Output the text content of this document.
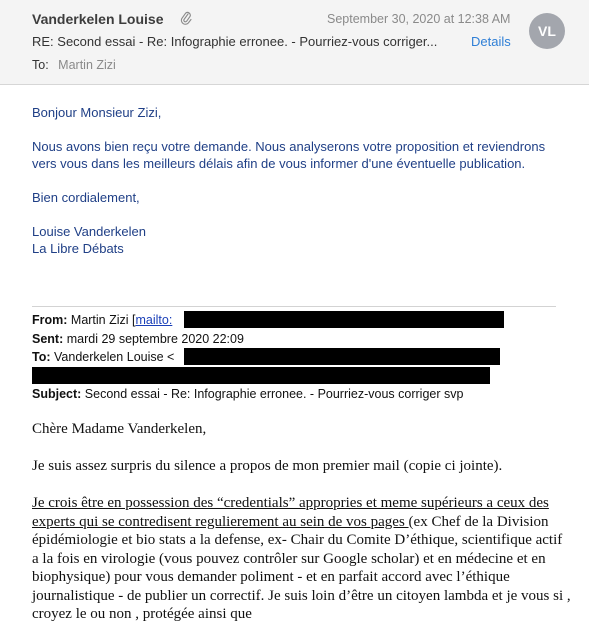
Vanderkelen Louise	September 30, 2020 at 12:38 AM
VL
RE: Second essai - Re: Infographie erronee. - Pourriez-vous corriger...	Details
To: Martin Zizi

Bonjour Monsieur Zizi,

Nous avons bien reçu votre demande. Nous analyserons votre proposition et reviendrons vers vous dans les meilleurs délais afin de vous informer d'une éventuelle publication.

Bien cordialement,

Louise Vanderkelen

La Libre Débats

From: Martin Zizi [mailto:
Sent: mardi 29 septembre 2020 22:09
To: Vanderkelen Louise <
Subject: Second essai - Re: Infographie erronee. - Pourriez-vous corriger svp

Chère Madame Vanderkelen,

Je suis assez surpris du silence a propos de mon premier mail (copie ci jointe).

Je crois être en possession des “credentials” appropries et meme supérieurs a ceux des experts qui se contredisent regulierement au sein de vos pages (ex Chef de la Division épidémiologie et bio stats a la defense, ex- Chair du Comite D’éthique, scientifique actif a la fois en virologie (vous pouvez contrôler sur Google scholar) et en médecine et en biophysique) pour vous demander poliment - et en parfait accord avec l’éthique journalistique - de publier un correctif. Je suis loin d’être un citoyen lambda et je vous si , croyez le ou non , protégée ainsi que
